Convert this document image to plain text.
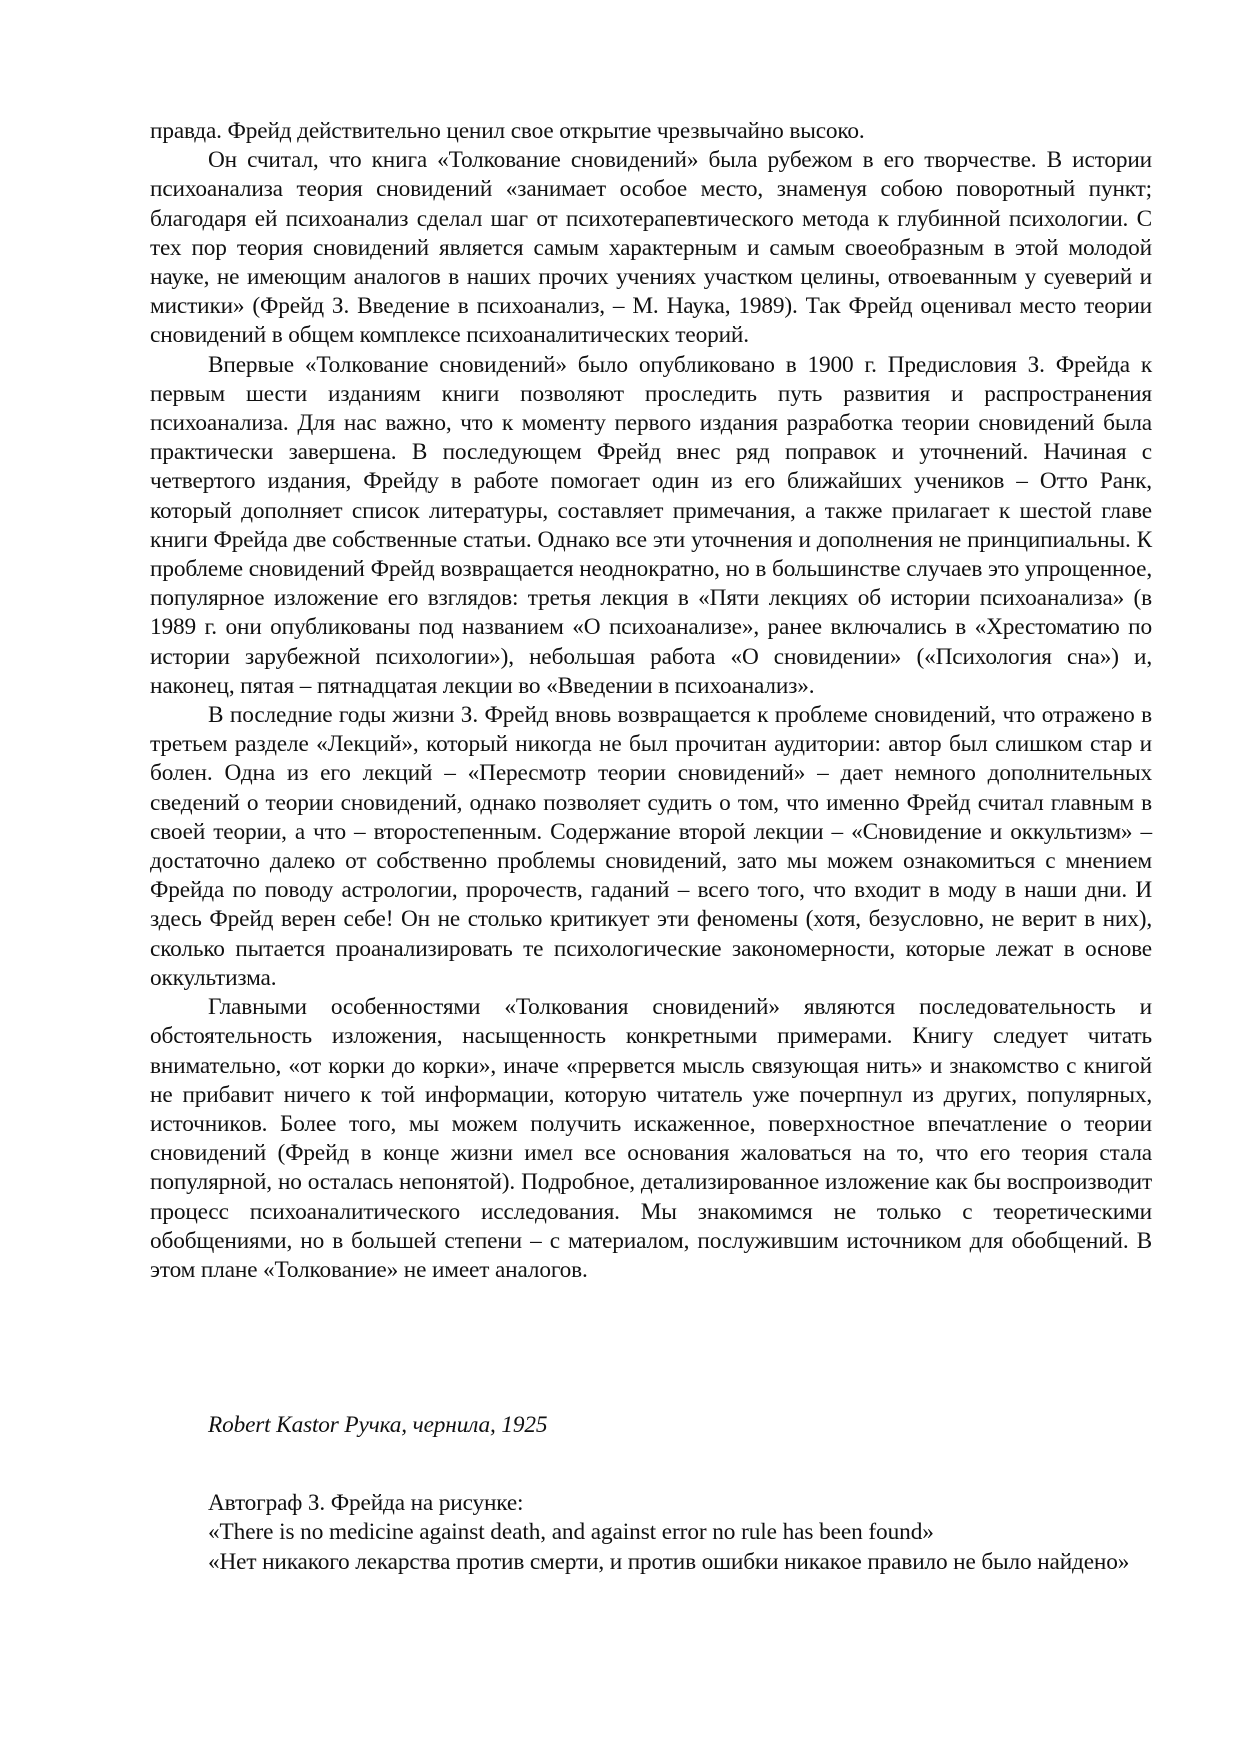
правда. Фрейд действительно ценил свое открытие чрезвычайно высоко.

Он считал, что книга «Толкование сновидений» была рубежом в его творчестве. В истории психоанализа теория сновидений «занимает особое место, знаменуя собою поворотный пункт; благодаря ей психоанализ сделал шаг от психотерапевтического метода к глубинной психологии. С тех пор теория сновидений является самым характерным и самым своеобразным в этой молодой науке, не имеющим аналогов в наших прочих учениях участком целины, отвоеванным у суеверий и мистики» (Фрейд З. Введение в психоанализ, – М. Наука, 1989). Так Фрейд оценивал место теории сновидений в общем комплексе психоаналитических теорий.

Впервые «Толкование сновидений» было опубликовано в 1900 г. Предисловия З. Фрейда к первым шести изданиям книги позволяют проследить путь развития и распространения психоанализа. Для нас важно, что к моменту первого издания разработка теории сновидений была практически завершена. В последующем Фрейд внес ряд поправок и уточнений. Начиная с четвертого издания, Фрейду в работе помогает один из его ближайших учеников – Отто Ранк, который дополняет список литературы, составляет примечания, а также прилагает к шестой главе книги Фрейда две собственные статьи. Однако все эти уточнения и дополнения не принципиальны. К проблеме сновидений Фрейд возвращается неоднократно, но в большинстве случаев это упрощенное, популярное изложение его взглядов: третья лекция в «Пяти лекциях об истории психоанализа» (в 1989 г. они опубликованы под названием «О психоанализе», ранее включались в «Хрестоматию по истории зарубежной психологии»), небольшая работа «О сновидении» («Психология сна») и, наконец, пятая – пятнадцатая лекции во «Введении в психоанализ».

В последние годы жизни З. Фрейд вновь возвращается к проблеме сновидений, что отражено в третьем разделе «Лекций», который никогда не был прочитан аудитории: автор был слишком стар и болен. Одна из его лекций – «Пересмотр теории сновидений» – дает немного дополнительных сведений о теории сновидений, однако позволяет судить о том, что именно Фрейд считал главным в своей теории, а что – второстепенным. Содержание второй лекции – «Сновидение и оккультизм» – достаточно далеко от собственно проблемы сновидений, зато мы можем ознакомиться с мнением Фрейда по поводу астрологии, пророчеств, гаданий – всего того, что входит в моду в наши дни. И здесь Фрейд верен себе! Он не столько критикует эти феномены (хотя, безусловно, не верит в них), сколько пытается проанализировать те психологические закономерности, которые лежат в основе оккультизма.

Главными особенностями «Толкования сновидений» являются последовательность и обстоятельность изложения, насыщенность конкретными примерами. Книгу следует читать внимательно, «от корки до корки», иначе «прервется мысль связующая нить» и знакомство с книгой не прибавит ничего к той информации, которую читатель уже почерпнул из других, популярных, источников. Более того, мы можем получить искаженное, поверхностное впечатление о теории сновидений (Фрейд в конце жизни имел все основания жаловаться на то, что его теория стала популярной, но осталась непонятой). Подробное, детализированное изложение как бы воспроизводит процесс психоаналитического исследования. Мы знакомимся не только с теоретическими обобщениями, но в большей степени – с материалом, послужившим источником для обобщений. В этом плане «Толкование» не имеет аналогов.

Robert Kastor Ручка, чернила, 1925

Автограф З. Фрейда на рисунке:

«There is no medicine against death, and against error no rule has been found»

«Нет никакого лекарства против смерти, и против ошибки никакое правило не было найдено»
